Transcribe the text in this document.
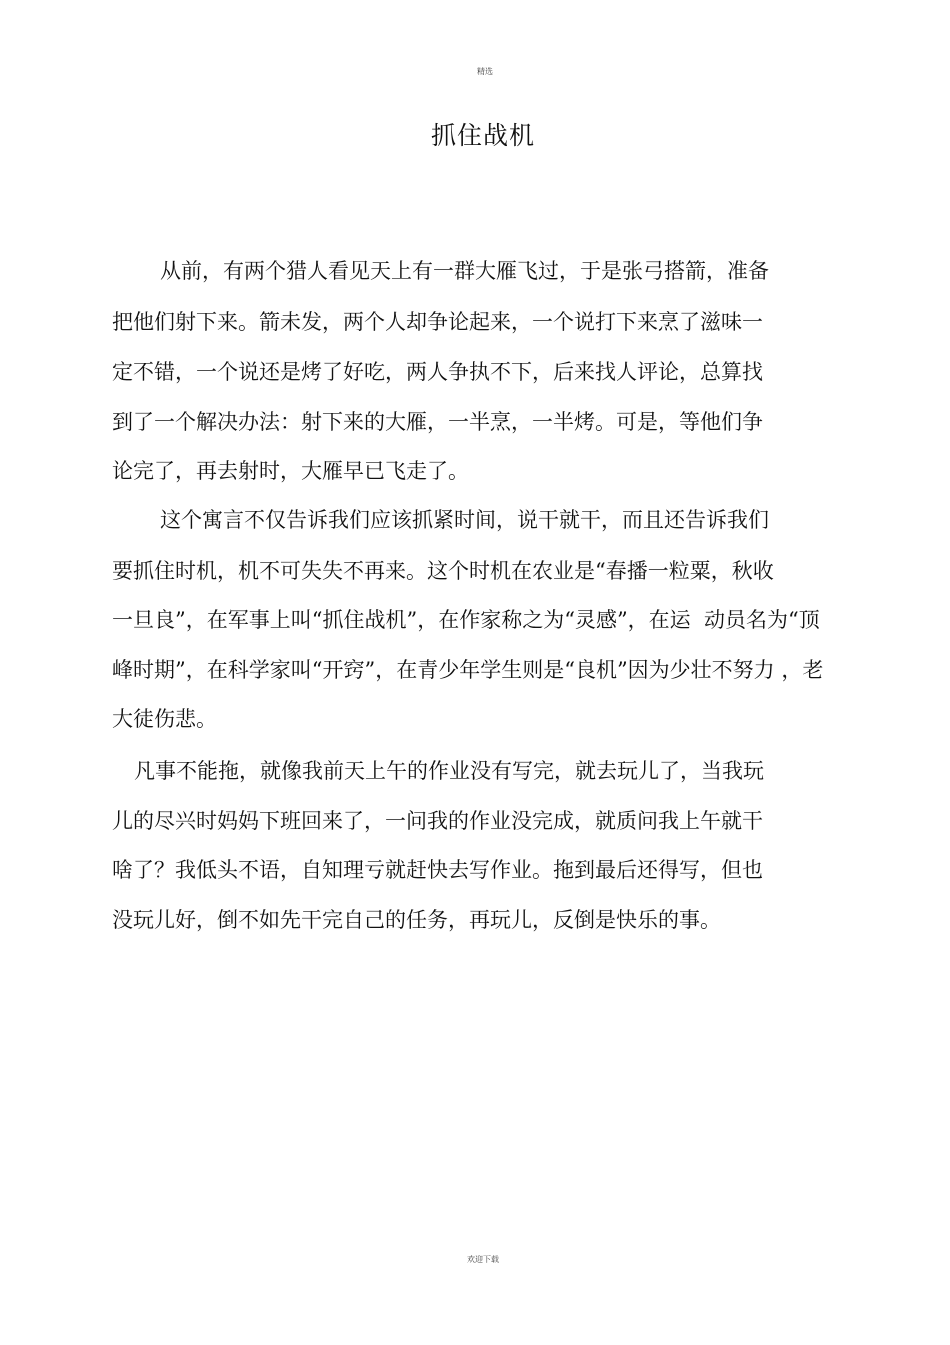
精选
抓住战机
从前，有两个猎人看见天上有一群大雁飞过，于是张弓搭箭，准备
把他们射下来。箭未发，两个人却争论起来，一个说打下来烹了滋味一
定不错，一个说还是烤了好吃，两人争执不下，后来找人评论，总算找
到了一个解决办法：射下来的大雁，一半烹，一半烤。可是，等他们争
论完了，再去射时，大雁早已飞走了。
这个寓言不仅告诉我们应该抓紧时间，说干就干，而且还告诉我们
要抓住时机，机不可失失不再来。这个时机在农业是“春播一粒粟，秋收
一旦良”，在军事上叫“抓住战机”，在作家称之为“灵感”，在运  动员名为“顶
峰时期”，在科学家叫“开窍”，在青少年学生则是“良机”因为少壮不努力 ，老
大徒伤悲。
凡事不能拖，就像我前天上午的作业没有写完，就去玩儿了，当我玩
儿的尽兴时妈妈下班回来了，一问我的作业没完成，就质问我上午就干
啥了？我低头不语，自知理亏就赶快去写作业。拖到最后还得写，但也
没玩儿好，倒不如先干完自己的任务，再玩儿，反倒是快乐的事。
欢迎下载
